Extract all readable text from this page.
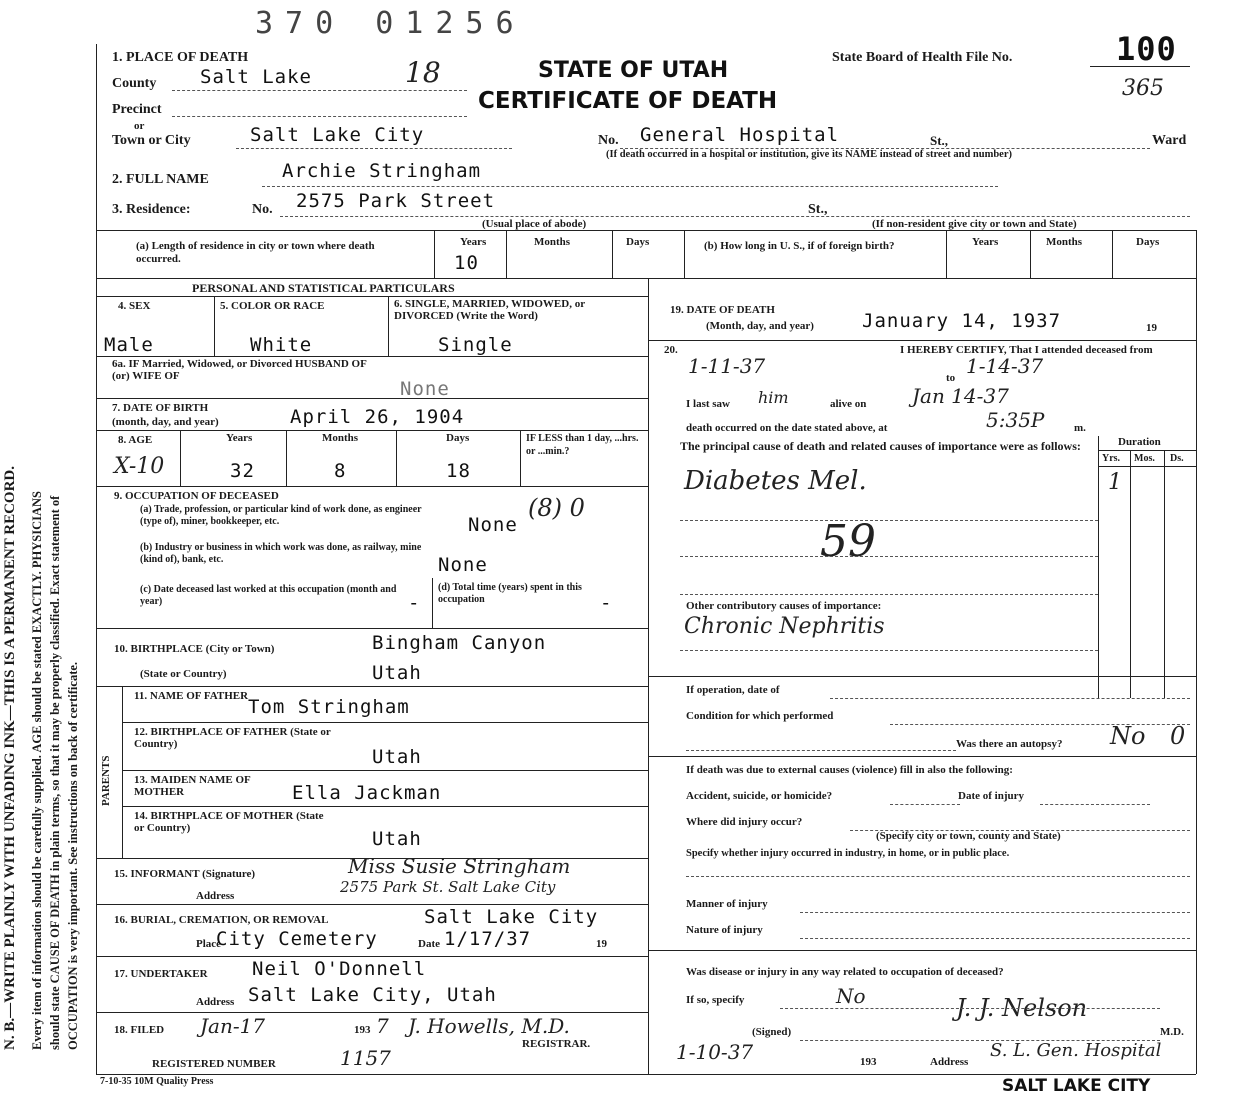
370 01256
State Board of Health File No.	100
365
STATE OF UTAH
CERTIFICATE OF DEATH
N. B.—WRITE PLAINLY WITH UNFADING INK—THIS IS A PERMANENT RECORD. Every item of information should be carefully supplied. AGE should be stated EXACTLY. PHYSICIANS should state CAUSE OF DEATH in plain terms, so that it may be properly classified. Exact statement of OCCUPATION is very important. See instructions on back of certificate.
1. PLACE OF DEATH
County Salt Lake	18
Precinct
or
Town or City	Salt Lake City	No. General Hospital	St.,	Ward
(If death occurred in a hospital or institution, give its NAME instead of street and number)
2. FULL NAME	Archie Stringham
3. Residence:	No. 2575 Park Street	St.,
(Usual place of abode)	(If non-resident give city or town and State)
(a) Length of residence in city or town where death occurred.
Years	Months	Days
10
(b) How long in U. S., if of foreign birth?	Years	Months	Days
PERSONAL AND STATISTICAL PARTICULARS
4. SEX	5. COLOR OR RACE	6. SINGLE, MARRIED, WIDOWED, or DIVORCED (Write the Word)
Male	White	Single
6a. IF Married, Widowed, or Divorced HUSBAND OF (or) WIFE OF
None
7. DATE OF BIRTH
(month, day, and year)	April 26, 1904
8. AGE
X-10
Years	Months	Days
32	8	18
IF LESS than 1 day, ...hrs. or ...min.?
9. OCCUPATION OF DECEASED
(a) Trade, profession, or particular kind of work done, as engineer (type of), miner, bookkeeper, etc.	None
(8) 0
(b) Industry or business in which work was done, as railway, mine (kind of), bank, etc.	None
(c) Date deceased last worked at this occupation (month and year)	-
(d) Total time (years) spent in this occupation	-
10. BIRTHPLACE (City or Town)	Bingham Canyon
(State or Country)	Utah
PARENTS
11. NAME OF FATHER Tom Stringham
12. BIRTHPLACE OF FATHER (State or Country)
Utah
13. MAIDEN NAME OF MOTHER	Ella Jackman
14. BIRTHPLACE OF MOTHER (State or Country)	Utah
15. INFORMANT (Signature)	Miss Susie Stringham
Address	2575 Park St. Salt Lake City
16. BURIAL, CREMATION, OR REMOVAL	Salt Lake City
Place
City Cemetery	Date 1/17/37	19
17. UNDERTAKER Neil O'Donnell
Address Salt Lake City, Utah
18. FILED Jan-17	193 7 J. Howells, M.D.
REGISTRAR.
REGISTERED NUMBER	1157
7-10-35 10M Quality Press
19. DATE OF DEATH
(Month, day, and year)	January 14, 1937	19
20.	I HEREBY CERTIFY, That I attended deceased from
1-11-37	to 1-14-37
I last saw him	alive on Jan 14-37
death occurred on the date stated above, at	5:35P	m.
The principal cause of death and related causes of importance were as follows:	Duration
Yrs. Mos. Ds.
1
Diabetes Mel.
59
Other contributory causes of importance:
Chronic Nephritis
If operation, date of
Condition for which performed
Was there an autopsy? No 0
If death was due to external causes (violence) fill in also the following:
Accident, suicide, or homicide?	Date of injury
Where did injury occur?
(Specify city or town, county and State)
Specify whether injury occurred in industry, in home, or in public place.
Manner of injury
Nature of injury
Was disease or injury in any way related to occupation of deceased?
If so, specify	No	J. J. Nelson
(Signed)	M.D.
1-10-37	193	Address
S. L. Gen. Hospital
SALT LAKE CITY
